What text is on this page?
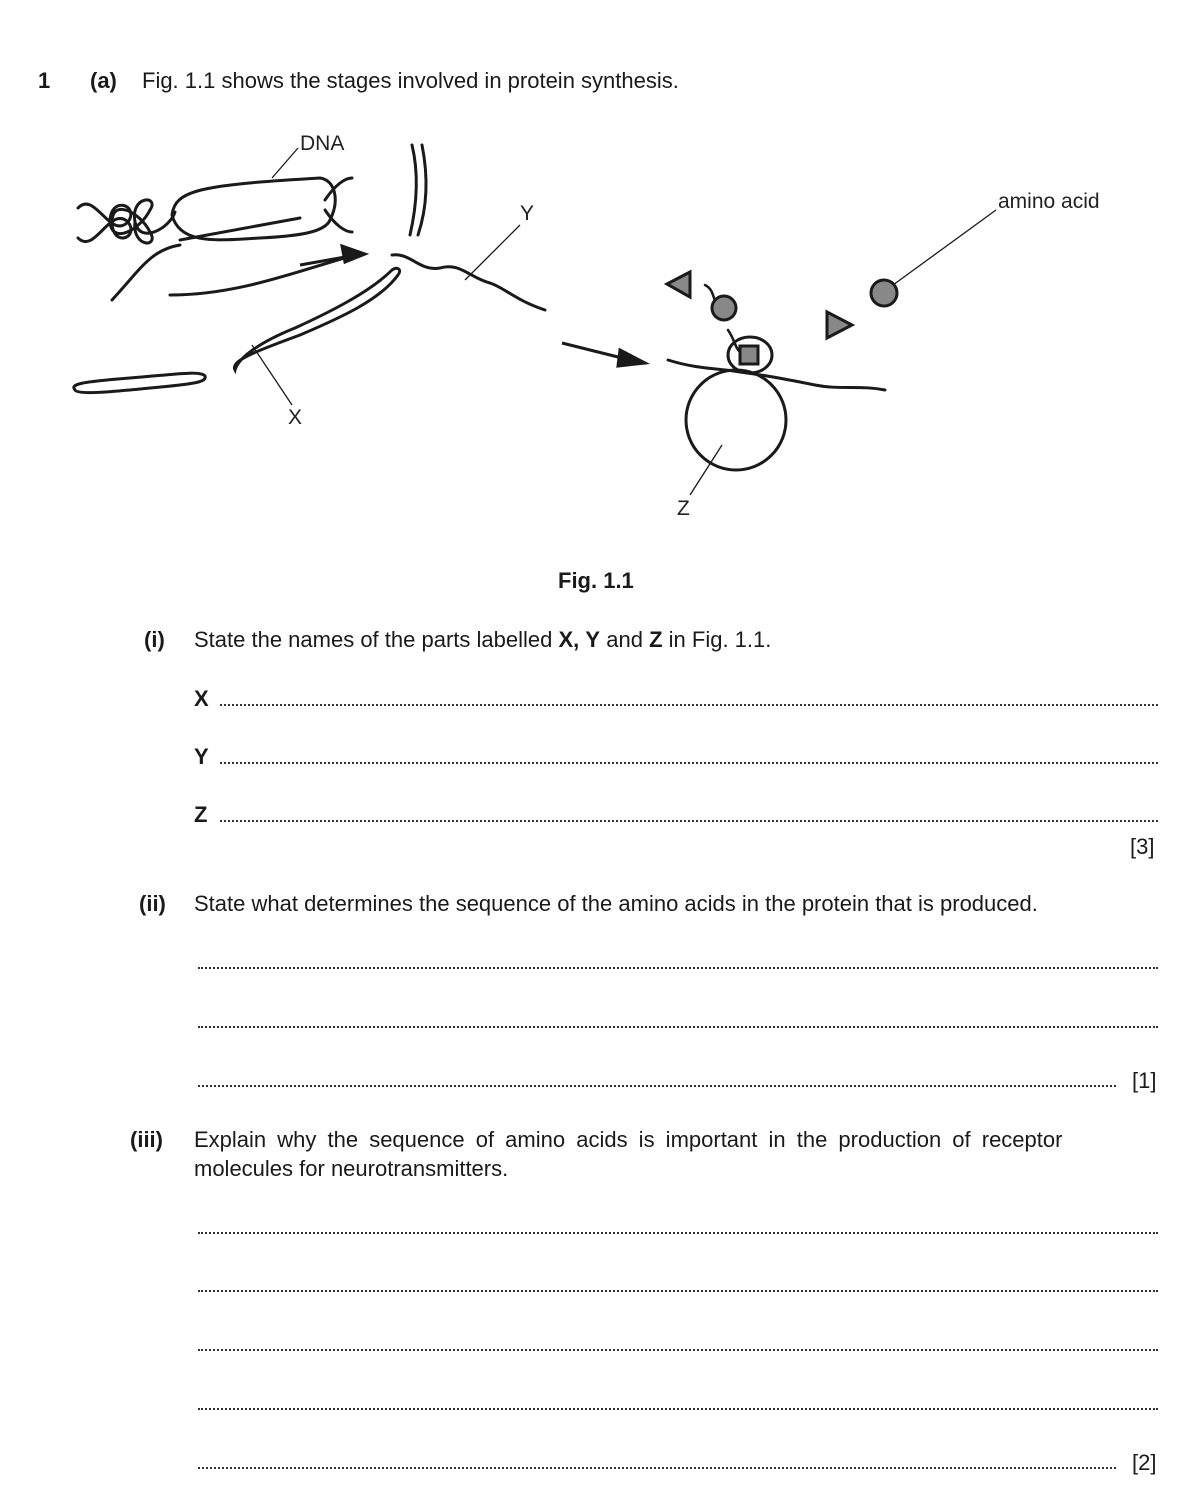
1 (a) Fig. 1.1 shows the stages involved in protein synthesis.
DNA
Y
X
Z
amino acid
Fig. 1.1
(i) State the names of the parts labelled X, Y and Z in Fig. 1.1.
X
Y
Z
[3]
(ii) State what determines the sequence of the amino acids in the protein that is produced.
[1]
(iii) Explain why the sequence of amino acids is important in the production of receptor
molecules for neurotransmitters.
[2]
